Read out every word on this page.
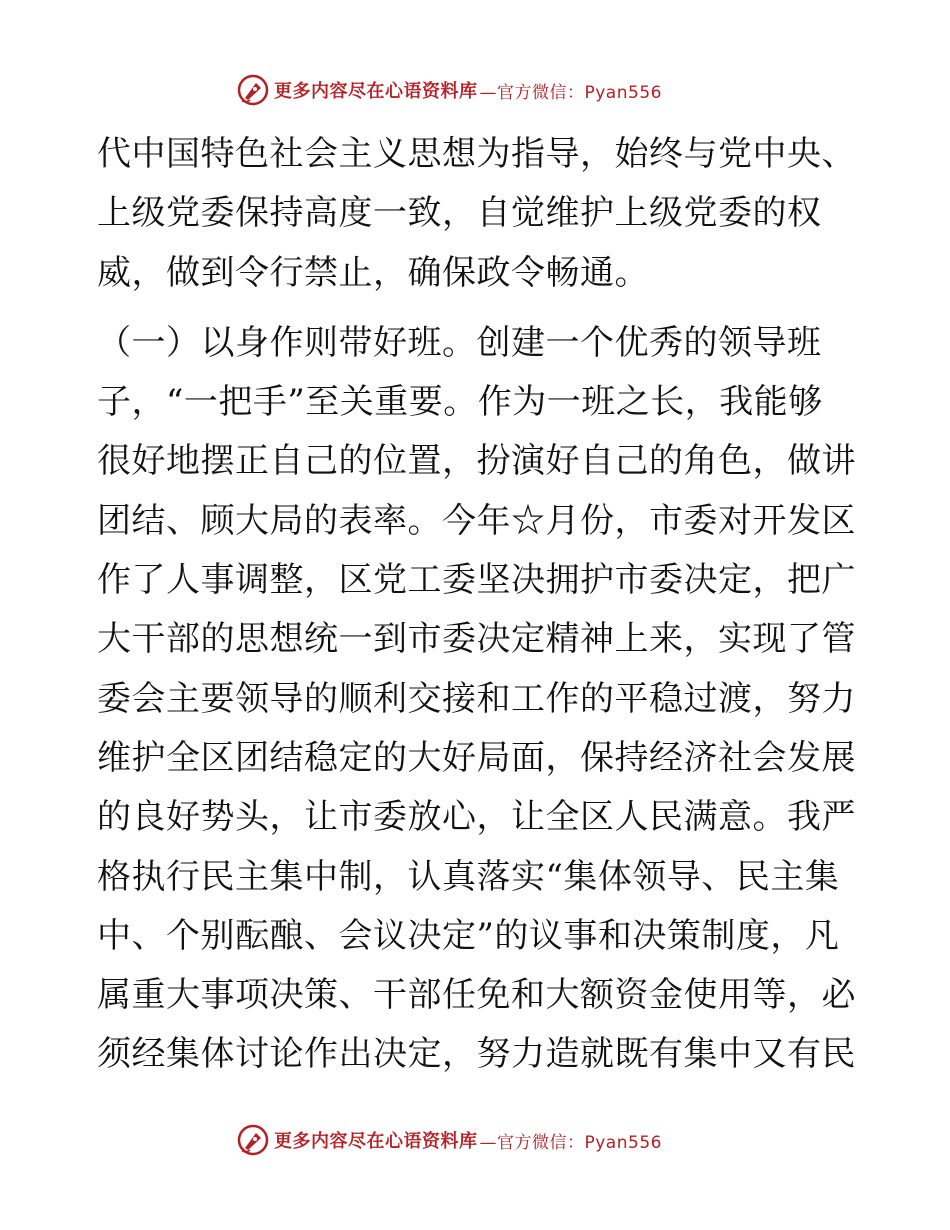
更多内容尽在心语资料库 —官方微信：Pyan556

代中国特色社会主义思想为指导，始终与党中央、

上级党委保持高度一致，自觉维护上级党委的权

威，做到令行禁止，确保政令畅通。

（一）以身作则带好班。创建一个优秀的领导班

子，“一把手”至关重要。作为一班之长，我能够

很好地摆正自己的位置，扮演好自己的角色，做讲

团结、顾大局的表率。今年☆月份，市委对开发区

作了人事调整，区党工委坚决拥护市委决定，把广

大干部的思想统一到市委决定精神上来，实现了管

委会主要领导的顺利交接和工作的平稳过渡，努力

维护全区团结稳定的大好局面，保持经济社会发展

的良好势头，让市委放心，让全区人民满意。我严

格执行民主集中制，认真落实“集体领导、民主集

中、个别酝酿、会议决定”的议事和决策制度，凡

属重大事项决策、干部任免和大额资金使用等，必

须经集体讨论作出决定，努力造就既有集中又有民

更多内容尽在心语资料库 —官方微信：Pyan556
